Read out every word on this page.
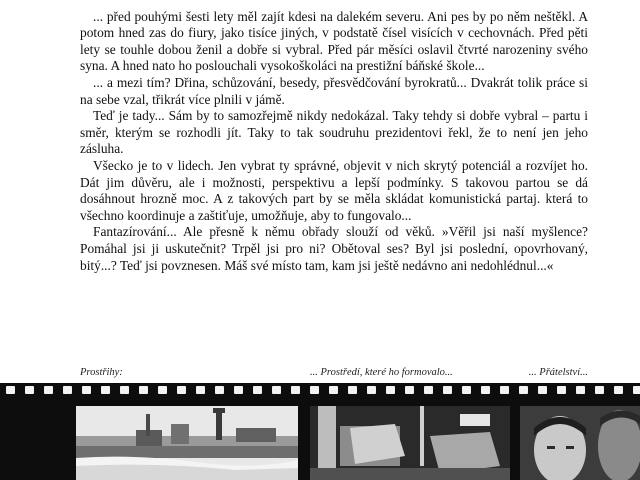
... před pouhými šesti lety měl zajít kdesi na dalekém severu. Ani pes by po něm neštěkl. A potom hned zas do fiury, jako tisíce jiných, v podstatě čísel visících v cechovnách. Před pěti lety se touhle dobou ženil a dobře si vybral. Před pár měsíci oslavil čtvrté narozeniny svého syna. A hned nato ho poslouchali vysokoškoláci na prestižní báňské škole...

... a mezi tím? Dřina, schůzování, besedy, přesvědčování byrokratů... Dvakrát tolik práce si na sebe vzal, třikrát více plnili v jámě.

Teď je tady... Sám by to samozřejmě nikdy nedokázal. Taky tehdy si dobře vybral – partu i směr, kterým se rozhodli jít. Taky to tak soudruhu prezidentovi řekl, že to není jen jeho zásluha.

Všecko je to v lidech. Jen vybrat ty správné, objevit v nich skrytý potenciál a rozvíjet ho. Dát jim důvěru, ale i možnosti, perspektivu a lepší podmínky. S takovou partou se dá dosáhnout hrozně moc. A z takových part by se měla skládat komunistická partaj. která to všechno koordinuje a zaštiťuje, umožňuje, aby to fungovalo...

Fantazírování... Ale přesně k němu obřady slouží od věků. »Věřil jsi naší myšlence? Pomáhal jsi ji uskutečnit? Trpěl jsi pro ni? Obětoval ses? Byl jsi poslední, opovrhovaný, bitý...? Teď jsi povznesen. Máš své místo tam, kam jsi ještě nedávno ani nedohlédnul...«

Prostřihy:	... Prostředí, které ho formovalo...	... Přátelství...
